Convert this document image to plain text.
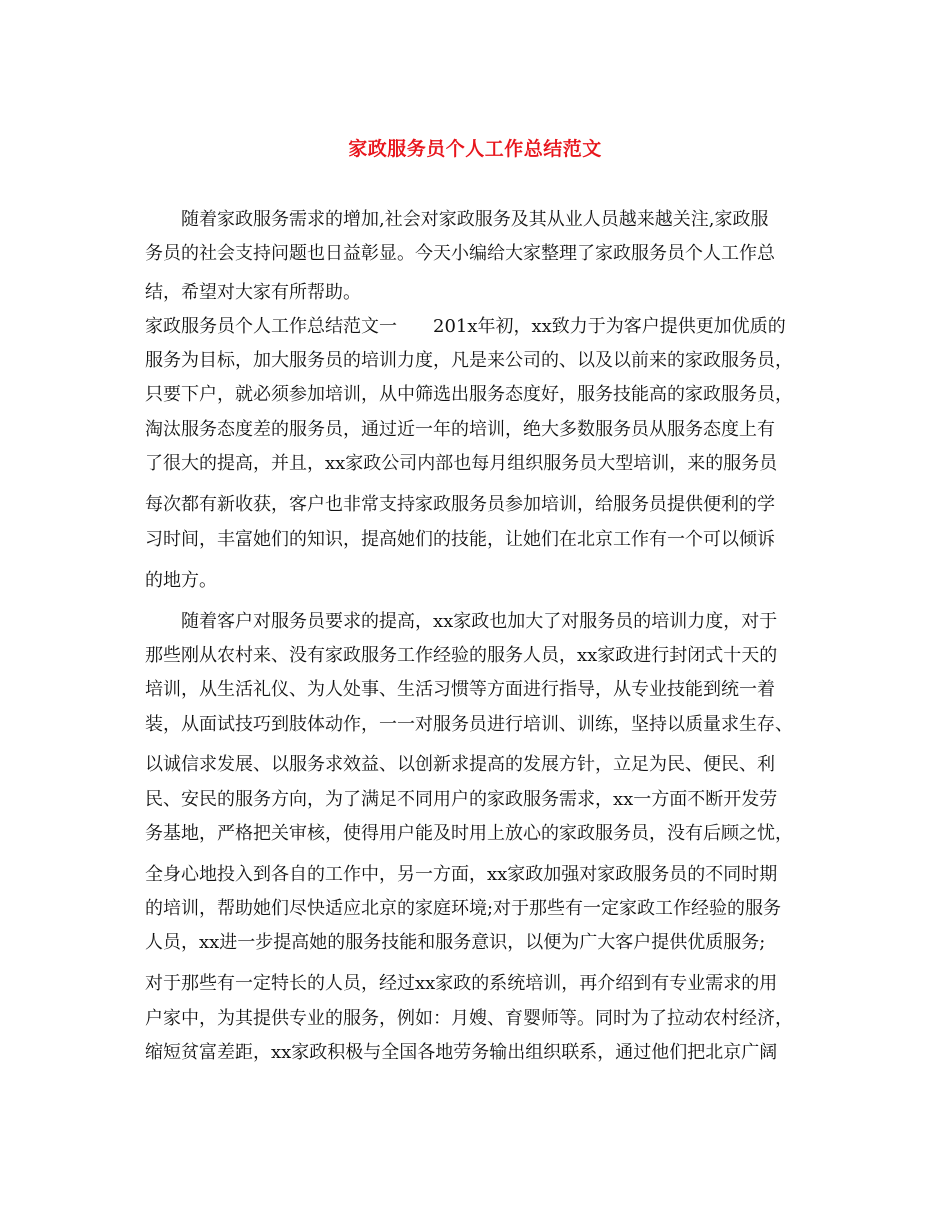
家政服务员个人工作总结范文
随着家政服务需求的增加,社会对家政服务及其从业人员越来越关注,家政服
务员的社会支持问题也日益彰显。今天小编给大家整理了家政服务员个人工作总
结，希望对大家有所帮助。
家政服务员个人工作总结范文一　　201x年初，xx致力于为客户提供更加优质的
服务为目标，加大服务员的培训力度，凡是来公司的、以及以前来的家政服务员，
只要下户，就必须参加培训，从中筛选出服务态度好，服务技能高的家政服务员，
淘汰服务态度差的服务员，通过近一年的培训，绝大多数服务员从服务态度上有
了很大的提高，并且，xx家政公司内部也每月组织服务员大型培训，来的服务员
每次都有新收获，客户也非常支持家政服务员参加培训，给服务员提供便利的学
习时间，丰富她们的知识，提高她们的技能，让她们在北京工作有一个可以倾诉
的地方。
随着客户对服务员要求的提高，xx家政也加大了对服务员的培训力度，对于
那些刚从农村来、没有家政服务工作经验的服务人员，xx家政进行封闭式十天的
培训，从生活礼仪、为人处事、生活习惯等方面进行指导，从专业技能到统一着
装，从面试技巧到肢体动作，一一对服务员进行培训、训练，坚持以质量求生存、
以诚信求发展、以服务求效益、以创新求提高的发展方针，立足为民、便民、利
民、安民的服务方向，为了满足不同用户的家政服务需求，xx一方面不断开发劳
务基地，严格把关审核，使得用户能及时用上放心的家政服务员，没有后顾之忧，
全身心地投入到各自的工作中，另一方面，xx家政加强对家政服务员的不同时期
的培训，帮助她们尽快适应北京的家庭环境;对于那些有一定家政工作经验的服务
人员，xx进一步提高她的服务技能和服务意识，以便为广大客户提供优质服务;
对于那些有一定特长的人员，经过xx家政的系统培训，再介绍到有专业需求的用
户家中，为其提供专业的服务，例如：月嫂、育婴师等。同时为了拉动农村经济，
缩短贫富差距，xx家政积极与全国各地劳务输出组织联系，通过他们把北京广阔
